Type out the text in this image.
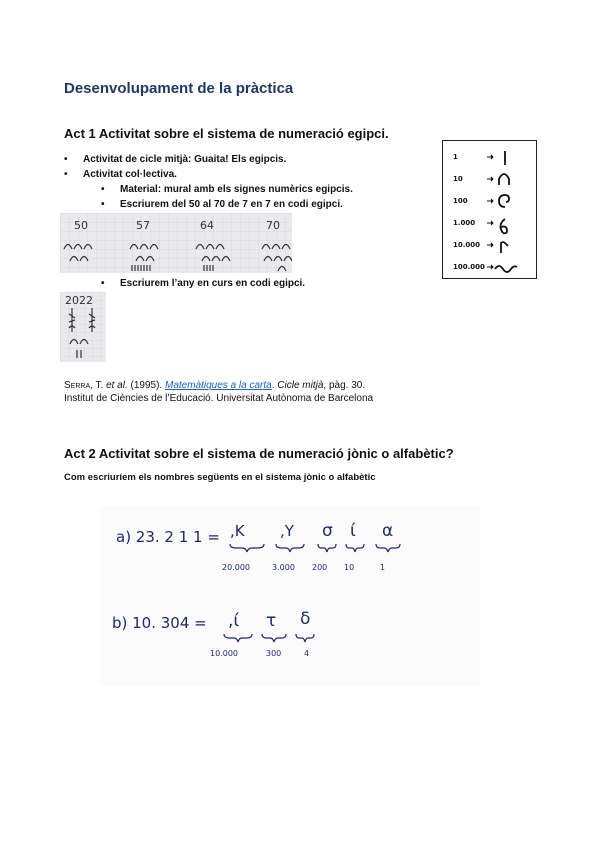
Desenvolupament de la pràctica
Act 1 Activitat sobre el sistema de numeració egipci.
• Activitat de cicle mitjà: Guaita! Els egipcis.
• Activitat col·lectiva.
• Material: mural amb els signes numèrics egipcis.
• Escriurem del 50 al 70 de 7 en 7 en codi egipci.
50	57	64	70
• Escriurem l’any en curs en codi egipci.
2022
1
10
100
1.000
10.000
100.000
Serra, T. et al. (1995). Matemàtiques a la carta. Cicle mitjà, pàg. 30.
Institut de Ciències de l’Educació. Universitat Autònoma de Barcelona
Act 2 Activitat sobre el sistema de numeració jònic o alfabètic?
Com escriuríem els nombres següents en el sistema jònic o alfabètic
a) 23. 2 1 1 = ,K ,Y σ ί α
20.000	3.000 200 10	1
b) 10. 304 = ,ί τ δ
10.000	300	4
